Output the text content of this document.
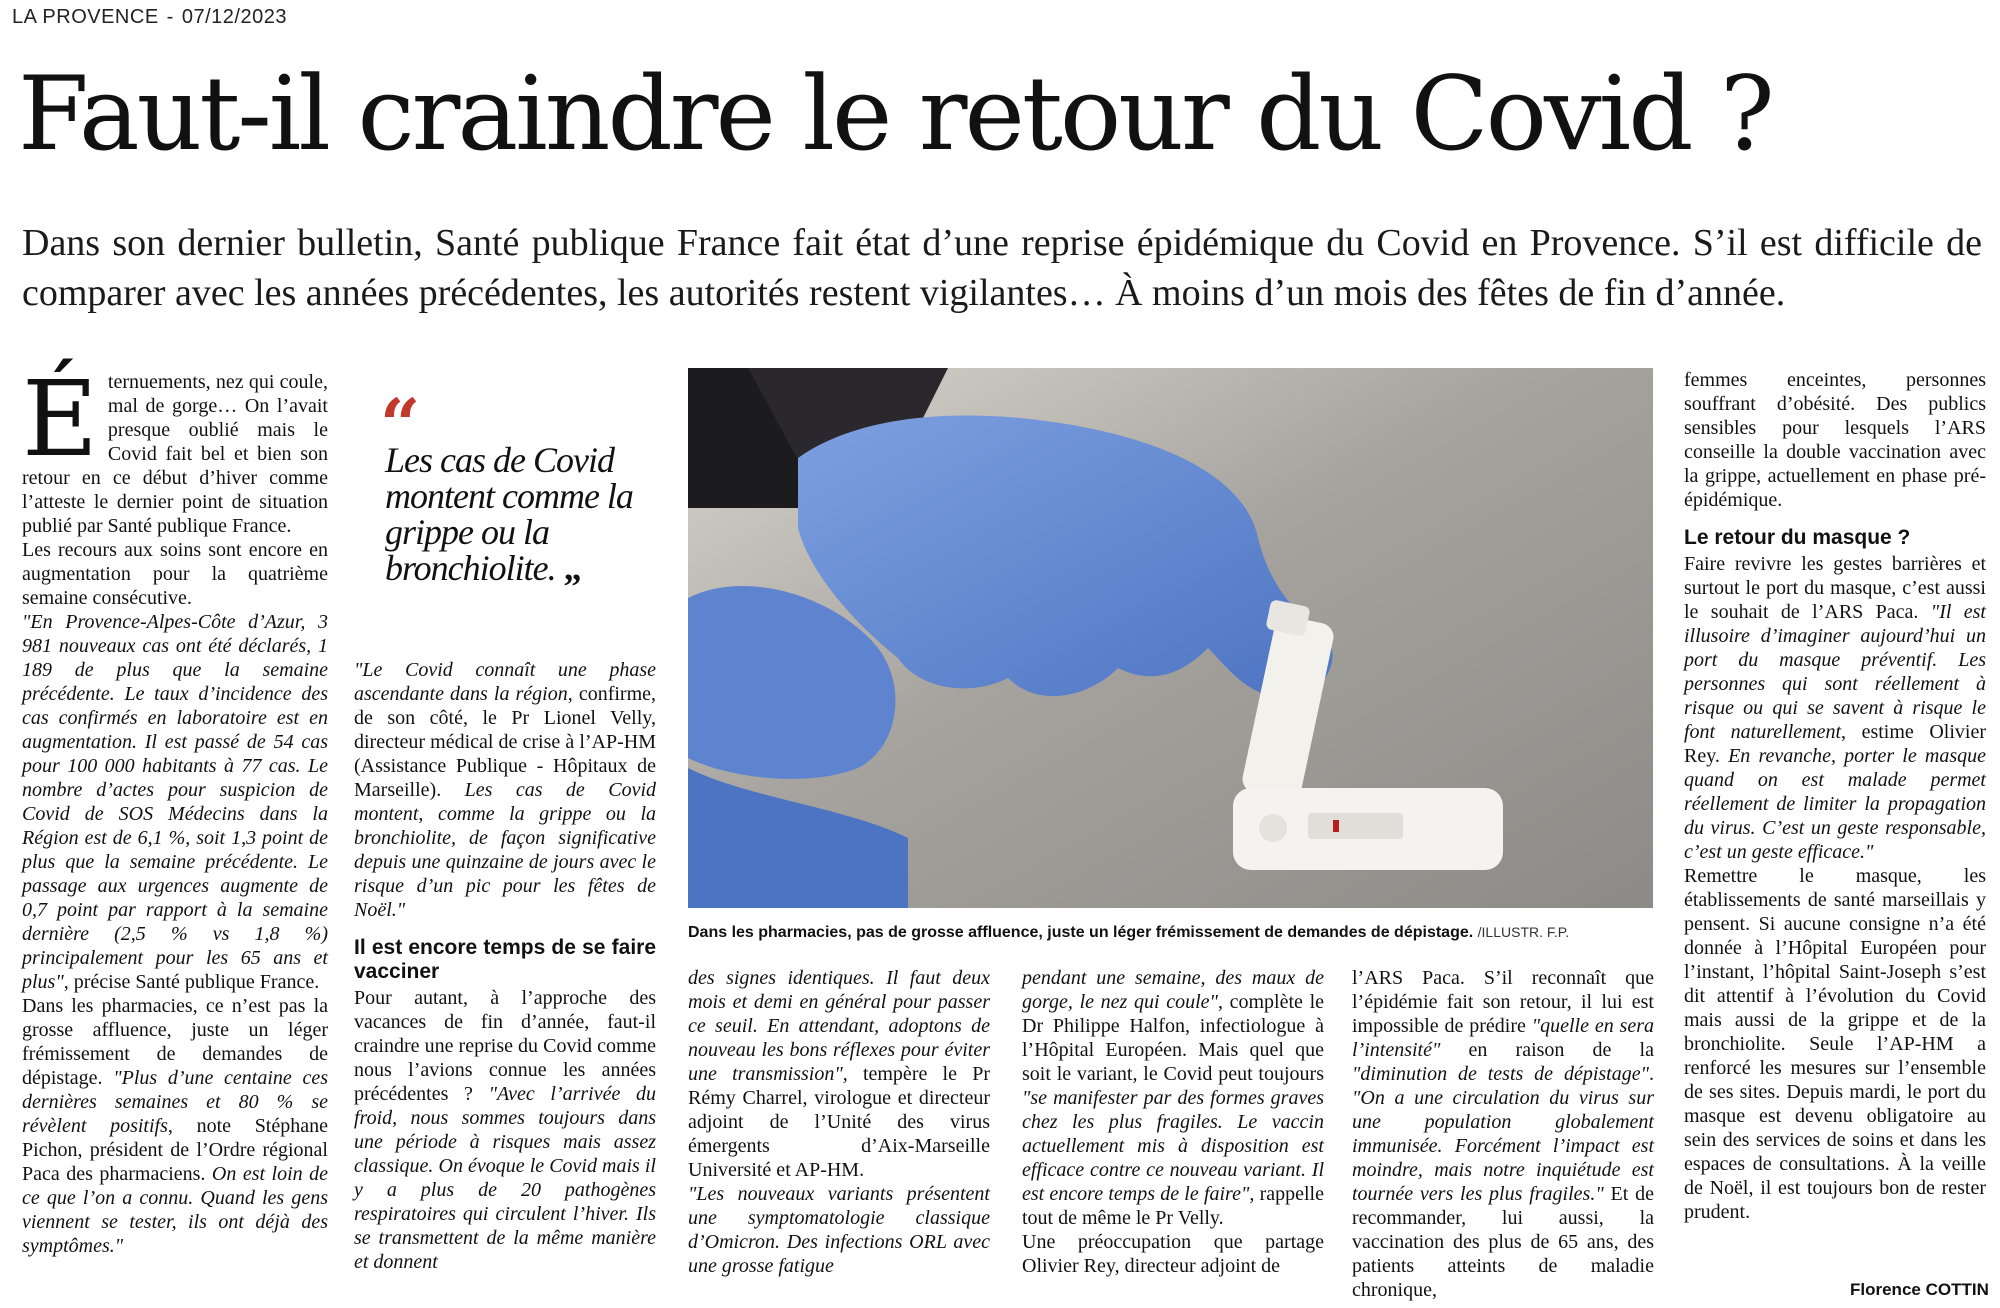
LA PROVENCE - 07/12/2023
Faut-il craindre le retour du Covid ?

Dans son dernier bulletin, Santé publique France fait état d’une reprise épidémique du Covid en Provence. S’il est difficile de comparer avec les années précédentes, les autorités restent vigilantes… À moins d’un mois des fêtes de fin d’année.

Éternuements, nez qui coule, mal de gorge… On l’avait presque oublié mais le Covid fait bel et bien son retour en ce début d’hiver comme l’atteste le dernier point de situation publié par Santé publique France.

Les recours aux soins sont encore en augmentation pour la quatrième semaine consécutive.

"En Provence-Alpes-Côte d’Azur, 3 981 nouveaux cas ont été déclarés, 1 189 de plus que la semaine précédente. Le taux d’incidence des cas confirmés en laboratoire est en augmentation. Il est passé de 54 cas pour 100 000 habitants à 77 cas. Le nombre d’actes pour suspicion de Covid de SOS Médecins dans la Région est de 6,1 %, soit 1,3 point de plus que la semaine précédente. Le passage aux urgences augmente de 0,7 point par rapport à la semaine dernière (2,5 % vs 1,8 %) principalement pour les 65 ans et plus", précise Santé publique France.

Dans les pharmacies, ce n’est pas la grosse affluence, juste un léger frémissement de demandes de dépistage. "Plus d’une centaine ces dernières semaines et 80 % se révèlent positifs, note Stéphane Pichon, président de l’Ordre régional Paca des pharmaciens. On est loin de ce que l’on a connu. Quand les gens viennent se tester, ils ont déjà des symptômes."

“

Les cas de Covid montent comme la grippe ou la bronchiolite. „

"Le Covid connaît une phase ascendante dans la région, confirme, de son côté, le Pr Lionel Velly, directeur médical de crise à l’AP-HM (Assistance Publique - Hôpitaux de Marseille). Les cas de Covid montent, comme la grippe ou la bronchiolite, de façon significative depuis une quinzaine de jours avec le risque d’un pic pour les fêtes de Noël."

Il est encore temps de se faire vacciner

Pour autant, à l’approche des vacances de fin d’année, faut-il craindre une reprise du Covid comme nous l’avions connue les années précédentes ? "Avec l’arrivée du froid, nous sommes toujours dans une période à risques mais assez classique. On évoque le Covid mais il y a plus de 20 pathogènes respiratoires qui circulent l’hiver. Ils se transmettent de la même manière et donnent

Dans les pharmacies, pas de grosse affluence, juste un léger frémissement de demandes de dépistage. /ILLUSTR. F.P.

des signes identiques. Il faut deux mois et demi en général pour passer ce seuil. En attendant, adoptons de nouveau les bons réflexes pour éviter une transmission", tempère le Pr Rémy Charrel, virologue et directeur adjoint de l’Unité des virus émergents d’Aix-Marseille Université et AP-HM.

"Les nouveaux variants présentent une symptomatologie classique d’Omicron. Des infections ORL avec une grosse fatigue

pendant une semaine, des maux de gorge, le nez qui coule", complète le Dr Philippe Halfon, infectiologue à l’Hôpital Européen. Mais quel que soit le variant, le Covid peut toujours "se manifester par des formes graves chez les plus fragiles. Le vaccin actuellement mis à disposition est efficace contre ce nouveau variant. Il est encore temps de le faire", rappelle tout de même le Pr Velly.

Une préoccupation que partage Olivier Rey, directeur adjoint de

l’ARS Paca. S’il reconnaît que l’épidémie fait son retour, il lui est impossible de prédire "quelle en sera l’intensité" en raison de la "diminution de tests de dépistage". "On a une circulation du virus sur une population globalement immunisée. Forcément l’impact est moindre, mais notre inquiétude est tournée vers les plus fragiles." Et de recommander, lui aussi, la vaccination des plus de 65 ans, des patients atteints de maladie chronique,

femmes enceintes, personnes souffrant d’obésité. Des publics sensibles pour lesquels l’ARS conseille la double vaccination avec la grippe, actuellement en phase pré-épidémique.

Le retour du masque ?

Faire revivre les gestes barrières et surtout le port du masque, c’est aussi le souhait de l’ARS Paca. "Il est illusoire d’imaginer aujourd’hui un port du masque préventif. Les personnes qui sont réellement à risque ou qui se savent à risque le font naturellement, estime Olivier Rey. En revanche, porter le masque quand on est malade permet réellement de limiter la propagation du virus. C’est un geste responsable, c’est un geste efficace."

Remettre le masque, les établissements de santé marseillais y pensent. Si aucune consigne n’a été donnée à l’Hôpital Européen pour l’instant, l’hôpital Saint-Joseph s’est dit attentif à l’évolution du Covid mais aussi de la grippe et de la bronchiolite. Seule l’AP-HM a renforcé les mesures sur l’ensemble de ses sites. Depuis mardi, le port du masque est devenu obligatoire au sein des services de soins et dans les espaces de consultations. À la veille de Noël, il est toujours bon de rester prudent.

Florence COTTIN
